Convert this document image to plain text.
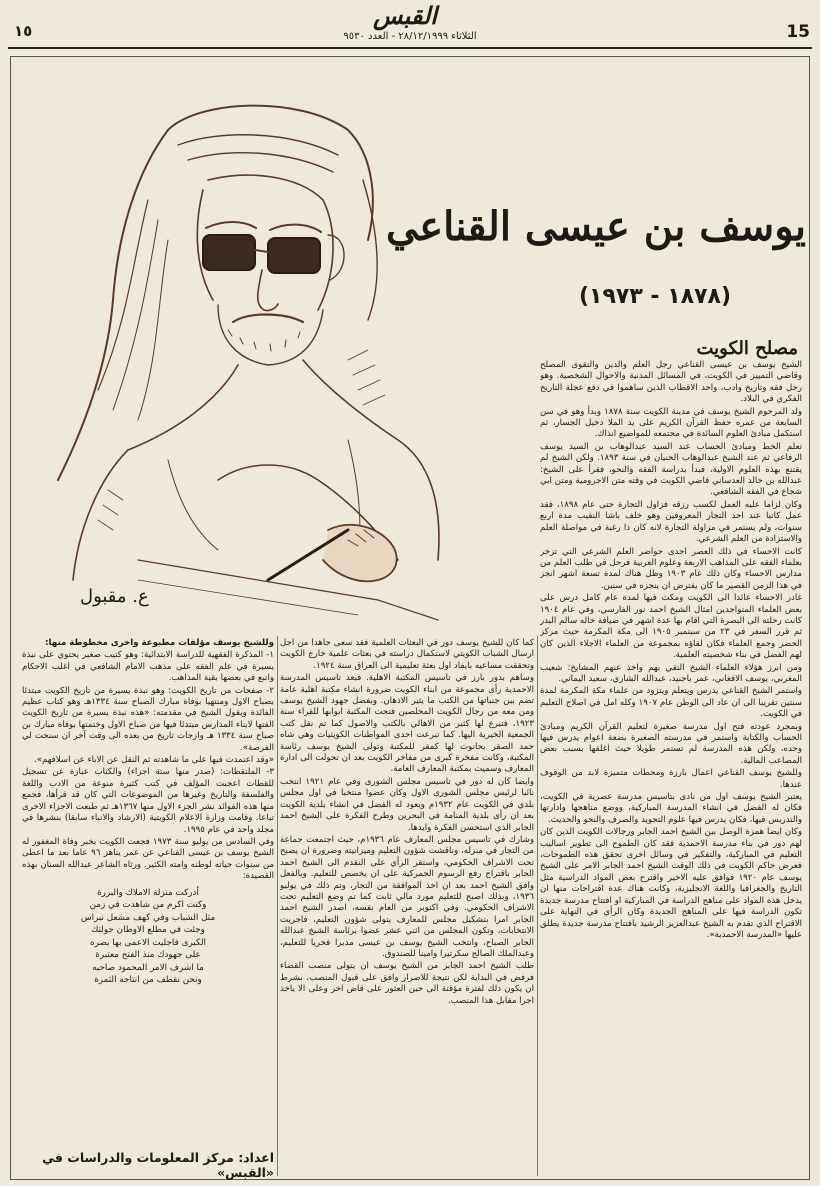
١٥
القبس
الثلاثاء ٢٨/١٢/١٩٩٩ - العدد ٩٥٣٠	15
ع. مقبول
يوسف بن عيسى القناعي
(١٨٧٨ - ١٩٧٣)
مصلح الكويت

الشيخ يوسف بن عيسى القناعي رجل العلم والدين والتقوى المصلح وقاضي التمييز في الكويت، في المسائل المدنية والاحوال الشخصية. وهو رجل فقه وتاريخ وادب، واحد الاقطاب الذين ساهموا في دفع عجلة التاريخ الفكري في البلاد.

ولد المرحوم الشيخ يوسف في مدينة الكويت سنة ١٨٧٨ وبدأ وهو في سن السابعة من عمره حفظ القرآن الكريم على يد الملا دخيل الجسار، ثم استكمل مبادئ العلوم السائدة في مجتمعه للمواضيع انذاك.

تعلم الخط ومبادئ الحساب عند السيد عبدالوهاب بن السيد يوسف الرفاعي ثم عند الشيخ عبدالوهاب الحنيان في سنة ١٨٩٣. ولكن الشيخ لم يقتنع بهذه العلوم الاولية، فبدأ بدراسة الفقه والنحو، فقرأ على الشيخ: عبدالله بن خالد العدساني قاضي الكويت في وقته متن الاجرومية ومتن ابي شجاع في الفقه الشافعي.

وكان لزاما عليه العمل لكسب رزقه فزاول التجارة حتى عام ١٨٩٨، فقد عمل كاتبا عند احد التجار المعروفين وهو خلف باشا النقيب مدة اربع سنوات، ولم يستمر في مزاولة التجارة لانه كان ذا رغبة في مواصلة العلم والاستزادة من العلم الشرعي.

كانت الاحساء في ذلك العصر احدى حواضر العلم الشرعي التي تزخر بعلماء الفقه على المذاهب الاربعة وعلوم العربية فرحل في طلب العلم من مدارس الاحساء وكان ذلك عام ١٩٠٣ وظل هناك لمدة تسعة اشهر انجز في هذا الزمن القصير ما كان يفترض ان ينجزه في سنين.

غادر الاحساء عائدا الى الكويت ومكث فيها لمدة عام كامل درس على بعض العلماء المتواجدين امثال الشيخ احمد نور الفارسي، وفي عام ١٩٠٤ كانت رحلته الى البصرة التي اقام بها عدة اشهر في ضيافة خاله سالم البدر ثم قرر السفر في ٢٣ من سبتمبر ١٩٠٥ الى مكة المكرمة حيث مركز الحضر وجمع العلماء فكان لقاؤه بمجموعة من العلماء الاجلاء الذين كان لهم الفضل في بناء شخصيته العلمية.

ومن ابرز هؤلاء العلماء الشيخ التقي بهم واخذ عنهم المشايخ: شعيب المغربي، يوسف الافغاني، عمر باجنيد، عبدالله الشاري، سعيد اليماني.

واستمر الشيخ القناعي يدرس ويتعلم ويتزود من علماء مكة المكرمة لمدة سنتين تقريبا الى ان عاد الى الوطن عام ١٩٠٧ وكله امل في اصلاح التعليم في الكويت.

وبمجرد عودته فتح اول مدرسة صغيرة لتعليم القرآن الكريم ومبادئ الحساب والكتابة واستمر في مدرسته الصغيرة بضعة اعوام يدرس فيها وحده، ولكن هذه المدرسة لم تستمر طويلا حيث اغلقها بسبب بعض المصاعب المالية.

وللشيخ يوسف القناعي اعمال بارزة ومحطات متميزة لابد من الوقوف عندها.

يعتبر الشيخ يوسف اول من نادى بتاسيس مدرسة عصرية في الكويت، فكان له الفضل في انشاء المدرسة المباركية، ووضع مناهجها وادارتها والتدريس فيها، فكان يدرس فيها علوم التجويد والصرف والنحو والحديث.

وكان ايضا همزة الوصل بين الشيخ احمد الجابر ورجالات الكويت الذين كان لهم دور في بناء مدرسة الاحمدية فقد كان الطموح الى تطوير اساليب التعليم في المباركية، والتفكير في وسائل اخرى تحقق هذه الطموحات، فعرض حاكم الكويت في ذلك الوقت الشيخ احمد الجابر الامر على الشيخ يوسف عام ١٩٢٠ فوافق عليه الاخير واقترح بعض المواد الدراسية مثل التاريخ والجغرافيا واللغة الانجليزية، وكانت هناك عدة اقتراحات منها ان يدخل هذه المواد على مناهج الدراسة في المباركية او افتتاح مدرسة جديدة تكون الدراسة فيها على المناهج الجديدة وكان الرأي في النهاية على الاقتراح الذي تقدم به الشيخ عبدالعزيز الرشيد بافتتاح مدرسة جديدة يطلق عليها «المدرسة الاحمدية».

كما كان للشيخ يوسف دور في البعثات العلمية فقد سعى جاهدا من اجل ارسال الشباب الكويتي لاستكمال دراسته في بعثات علمية خارج الكويت وتحققت مساعيه بايفاد اول بعثة تعليمية الى العراق سنة ١٩٢٤.

وساهم بدور بارز في تاسيس المكتبة الاهلية. فبعد تاسيس المدرسة الاحمدية رأى مجموعة من ابناء الكويت ضرورة انشاء مكتبة اهلية عامة تضم بين جنباتها من الكتب ما يثير الاذهان. وبفضل جهود الشيخ يوسف ومن معه من رجال الكويت المخلصين فتحت المكتبة ابوابها للقراء سنة ١٩٢٣، فتبرع لها كثير من الاهالي بالكتب والاصول كما تم نقل كتب الجمعية الخيرية اليها. كما تبرعت احدى المواطنات الكويتيات وهي شاه حمد الصقر بحانوت لها كمقر للمكتبة وتولى الشيخ يوسف رئاسة المكتبة، وكانت مفخرة كبرى من مفاخر الكويت بعد ان تحولت الى ادارة المعارف وسميت بمكتبة المعارف العامة.

وايضا كان له دور في تاسيس مجلس الشورى وفي عام ١٩٢١ انتخب نائبا لرئيس مجلس الشورى الاول وكان عضوا منتخبا في اول مجلس بلدي في الكويت عام ١٩٣٢م ويعود له الفضل في انشاء بلدية الكويت بعد ان رأى بلدية المنامة في البحرين وطرح الفكرة على الشيخ احمد الجابر الذي استحسن الفكرة وايدها.

وشارك في تاسيس مجلس المعارف عام ١٩٣٦م، حيث اجتمعت جماعة من التجار في منزله، وناقشت شؤون التعليم وميزانيته وضرورة ان يصبح تحت الاشراف الحكومي، واستقر الرأي على التقدم الى الشيخ احمد الجابر باقتراح رفع الرسوم الجمركية على ان يخصص للتعليم. وبالفعل وافق الشيخ احمد بعد ان اخذ الموافقة من التجار، وتم ذلك في يوليو ١٩٣٦، وبذلك اصبح للتعليم مورد مالي ثابت كما تم وضع التعليم تحت الاشراف الحكومي. وفي اكتوبر من العام نفسه، اصدر الشيخ احمد الجابر امرا بتشكيل مجلس للمعارف يتولى شؤون التعليم، فاجريت الانتخابات، وتكون المجلس من اثني عشر عضوا برئاسة الشيخ عبدالله الجابر الصباح، وانتخب الشيخ يوسف بن عيسى مديرا فخريا للتعليم، وعبدالملك الصالح سكرتيرا وامينا للصندوق.

طلب الشيخ احمد الجابر من الشيخ يوسف ان يتولى منصب القضاء فرفض في البداية لكن نتيجة للاصرار وافق على قبول المنصب، بشرط ان يكون ذلك لفترة مؤقتة الى حين العثور على قاض اخر وعلى الا ياخذ اجرا مقابل هذا المنصب.

وللشيخ يوسف مؤلفات مطبوعة واخرى مخطوطة منها:

١- المذكرة الفقهية للدراسة الابتدائية: وهو كتيب صغير يحتوي على نبذة يسيرة في علم الفقه على مذهب الامام الشافعي في اغلب الاحكام واتبع في بعضها بقية المذاهب.

٢- صفحات من تاريخ الكويت: وهو نبذة يسيرة من تاريخ الكويت مبتدئا بصباح الاول ومنتهيا بوفاة مبارك الصباح سنة ١٣٣٤هـ وهو كتاب عظيم الفائدة ويقول الشيخ في مقدمته: «هذه نبذة يسيرة من تاريخ الكويت الفتها لابناء المدارس مبتدئا فيها من صباح الاول وختمتها بوفاة مبارك بن صباح سنة ١٣٣٤ هـ وازجات تاريخ من بعده الى وقت آخر ان سنحت لي الفرصة».

«وقد اعتمدت فيها على ما شاهدته ثم النقل عن الاباء عن اسلافهم».

٣- الملتقطات: (صدر منها ستة اجزاء) والكتاب عبارة عن تسجيل للقطات اعجبت المؤلف في كتب كثيرة منوعة من الادب واللغة والفلسفة والتاريخ وغيرها من الموضوعات التي كان قد قرأها، فجمع منها هذه الفوائد نشر الجزء الاول منها ١٣٦٧هـ ثم طبعت الاجزاء الاخرى تباعا. وقامت وزارة الاعلام الكويتية (الارشاد والانباء سابقا) بنشرها في مجلد واحد في عام ١٩٩٥.

وفي السادس من يوليو سنة ١٩٧٣ فجعت الكويت بخبر وفاة المغفور له الشيخ يوسف بن عيسى القناعي عن عمر يناهز ٩٦ عاما بعد ما اعطى من سنوات حياته لوطنه وامته الكثير. ورثاه الشاعر عبدالله السنان بهذه القصيدة:

أدركت منزلة الاملاك والبررة
وكنت اكرم من شاهدت في زمن
مثل الشباب وفي كهف مشعل نبراس
وجئت في مطلع الاوطان جولتك
الكبرى فاجليت الاعمى بها بصره
على جهودك منذ الفتح معتبرة
ما اشرف الامر المحمود صاحبه
ونحن نقطف من انتاجه الثمرة
اعداد: مركز المعلومات والدراسات في «القبس»
